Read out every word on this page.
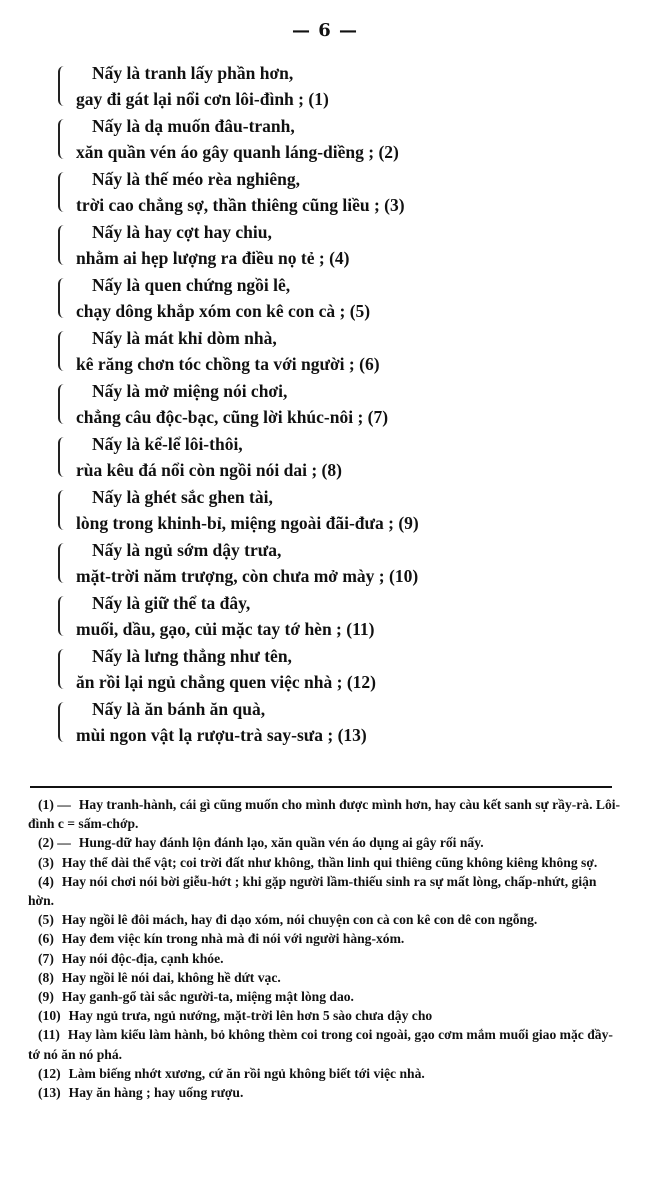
— 6 —
Nấy là tranh lấy phần hơn,
gay đi gát lại nổi cơn lôi-đình ; (1)
Nấy là dạ muốn đâu-tranh,
xăn quần vén áo gây quanh láng-diềng ; (2)
Nấy là thế méo rèa nghiêng,
trời cao chẳng sợ, thần thiêng cũng liều ; (3)
Nấy là hay cợt hay chiu,
nhằm ai hẹp lượng ra điều nọ tẻ ; (4)
Nấy là quen chứng ngồi lê,
chạy dông khắp xóm con kê con cà ; (5)
Nấy là mát khỉ dòm nhà,
kê răng chơn tóc chồng ta với người ; (6)
Nấy là mở miệng nói chơi,
chẳng câu độc-bạc, cũng lời khúc-nôi ; (7)
Nấy là kể-lể lôi-thôi,
rùa kêu đá nổi còn ngồi nói dai ; (8)
Nấy là ghét sắc ghen tài,
lòng trong khinh-bỉ, miệng ngoài đãi-đưa ; (9)
Nấy là ngủ sớm dậy trưa,
mặt-trời năm trượng, còn chưa mở mày ; (10)
Nấy là giữ thể ta đây,
muối, dầu, gạo, củi mặc tay tớ hèn ; (11)
Nấy là lưng thẳng như tên,
ăn rồi lại ngủ chẳng quen việc nhà ; (12)
Nấy là ăn bánh ăn quà,
mùi ngon vật lạ rượu-trà say-sưa ; (13)
(1) — Hay tranh-hành, cái gì cũng muốn cho mình được mình hơn, hay càu kết sanh sự rầy-rà. Lôi-đình c = sấm-chớp.
(2) — Hung-dữ hay đánh lộn đánh lạo, xăn quần vén áo dụng ai gây rối nấy.
(3) Hay thể dài thể vật; coi trời đất như không, thần linh qui thiêng cũng không kiêng không sợ.
(4) Hay nói chơi nói bời giễu-hớt ; khi gặp người lầm-thiếu sinh ra sự mất lòng, chấp-nhứt, giận hờn.
(5) Hay ngồi lê đôi mách, hay đi dạo xóm, nói chuyện con cà con kê con dê con ngỗng.
(6) Hay đem việc kín trong nhà mà đi nói với người hàng-xóm.
(7) Hay nói độc-địa, cạnh khóe.
(8) Hay ngồi lê nói dai, không hề dứt vạc.
(9) Hay ganh-gổ tài sắc người-ta, miệng mật lòng dao.
(10) Hay ngủ trưa, ngủ nướng, mặt-trời lên hơn 5 sào chưa dậy cho
(11) Hay làm kiểu làm hành, bỏ không thèm coi trong coi ngoài, gạo cơm mắm muối giao mặc đầy-tớ nó ăn nó phá.
(12) Làm biếng nhớt xương, cứ ăn rồi ngủ không biết tới việc nhà.
(13) Hay ăn hàng ; hay uống rượu.
